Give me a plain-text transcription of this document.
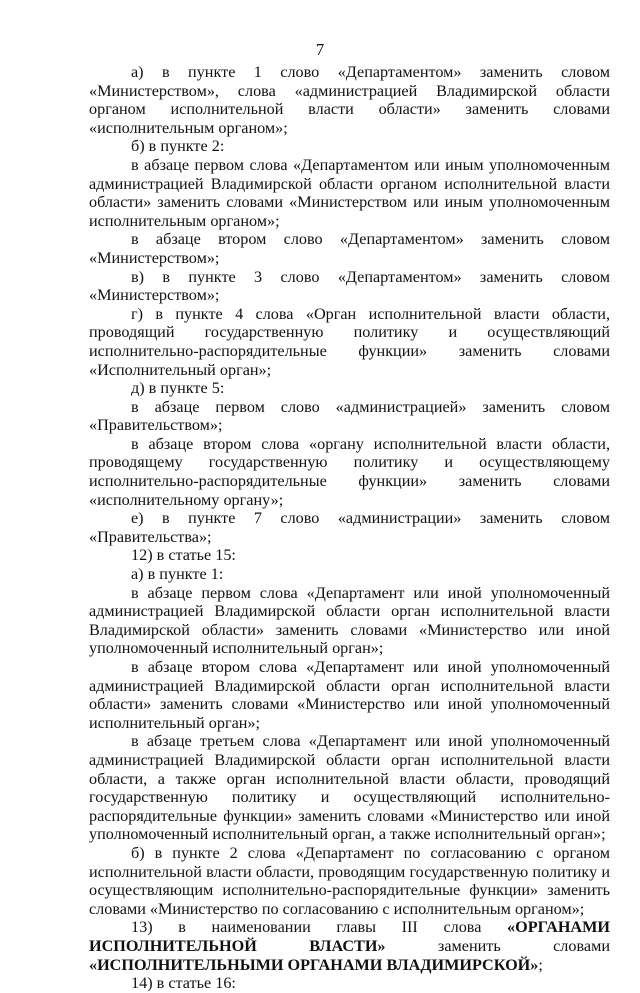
7

а) в пункте 1 слово «Департаментом» заменить словом «Министерством», слова «администрацией Владимирской области органом исполнительной власти области» заменить словами «исполнительным органом»;

б) в пункте 2:

в абзаце первом слова «Департаментом или иным уполномоченным администрацией Владимирской области органом исполнительной власти области» заменить словами «Министерством или иным уполномоченным исполнительным органом»;

в абзаце втором слово «Департаментом» заменить словом «Министерством»;

в) в пункте 3 слово «Департаментом» заменить словом «Министерством»;

г) в пункте 4 слова «Орган исполнительной власти области, проводящий государственную политику и осуществляющий исполнительно-распорядительные функции» заменить словами «Исполнительный орган»;

д) в пункте 5:

в абзаце первом слово «администрацией» заменить словом «Правительством»;

в абзаце втором слова «органу исполнительной власти области, проводящему государственную политику и осуществляющему исполнительно-распорядительные функции» заменить словами «исполнительному органу»;

е) в пункте 7 слово «администрации» заменить словом «Правительства»;

12) в статье 15:

а) в пункте 1:

в абзаце первом слова «Департамент или иной уполномоченный администрацией Владимирской области орган исполнительной власти Владимирской области» заменить словами «Министерство или иной уполномоченный исполнительный орган»;

в абзаце втором слова «Департамент или иной уполномоченный администрацией Владимирской области орган исполнительной власти области» заменить словами «Министерство или иной уполномоченный исполнительный орган»;

в абзаце третьем слова «Департамент или иной уполномоченный администрацией Владимирской области орган исполнительной власти области, а также орган исполнительной власти области, проводящий государственную политику и осуществляющий исполнительно-распорядительные функции» заменить словами «Министерство или иной уполномоченный исполнительный орган, а также исполнительный орган»;

б) в пункте 2 слова «Департамент по согласованию с органом исполнительной власти области, проводящим государственную политику и осуществляющим исполнительно-распорядительные функции» заменить словами «Министерство по согласованию с исполнительным органом»;

13) в наименовании главы III слова «ОРГАНАМИ ИСПОЛНИТЕЛЬНОЙ ВЛАСТИ» заменить словами «ИСПОЛНИТЕЛЬНЫМИ ОРГАНАМИ ВЛАДИМИРСКОЙ»;

14) в статье 16:
